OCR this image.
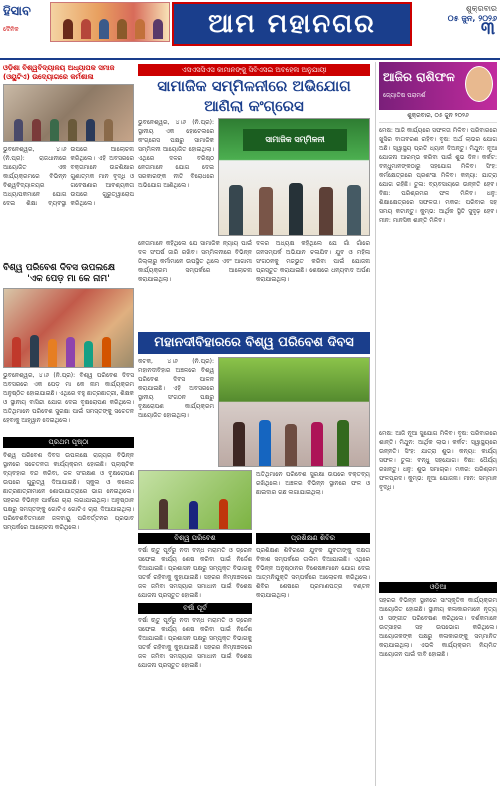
ହିସାବ
ଦୈନିକ	ଆମ ମହାନଗର
ଶୁକ୍ରବାର
୦୫ ଜୁନ, ୨୦୨୬
୩
ଓଡ଼ିଶା ବିଶ୍ୱବିଦ୍ୟାଳୟ ଅଧ୍ୟାପକ ସମାଜ (ଓୟୁଟିଏ) ଉଦ୍ୟୋଗରେ କର୍ମଶାଳା
ଭୁବନେଶ୍ୱର, ୪।୬ (ନି.ପ୍ର): ରାଜଧାନୀରେ ଆୟୋଜିତ ଏକ କାର୍ଯ୍ୟକ୍ରମରେ ବିଭିନ୍ନ ବିଶ୍ୱବିଦ୍ୟାଳୟର ଅଧ୍ୟାପକମାନେ ଯୋଗ ଦେଇ ଶିକ୍ଷା ବ୍ୟବସ୍ଥା ଉପରେ ଆଲୋଚନା କରିଥିଲେ। ଏହି ଅବସରରେ ବକ୍ତାମାନେ ଉଚ୍ଚଶିକ୍ଷାର ଗୁଣାତ୍ମକ ମାନ ବୃଦ୍ଧି ଓ ଗବେଷଣାର ଆବଶ୍ୟକତା ଉପରେ ଗୁରୁତ୍ୱାରୋପ କରିଥିଲେ।
ବିଶ୍ୱ ପରିବେଶ ଦିବସ ଉପଲକ୍ଷେ
'ଏକ ପେଡ଼ ମା କେ ନାମ'
ଭୁବନେଶ୍ୱର, ୪।୬ (ନି.ପ୍ର): ବିଶ୍ୱ ପରିବେଶ ଦିବସ ଅବସରରେ ଏକ ପେଡ଼ ମା କେ ନାମ କାର୍ଯ୍ୟକ୍ରମ ଅନୁଷ୍ଠିତ ହୋଇଯାଇଛି। ଏଥିରେ ବହୁ ଛାତ୍ରଛାତ୍ରୀ, ଶିକ୍ଷକ ଓ ସ୍ଥାନୀୟ ବାସିନ୍ଦା ଯୋଗ ଦେଇ ବୃକ୍ଷରୋପଣ କରିଥିଲେ। ଅତିଥିମାନେ ପରିବେଶ ସୁରକ୍ଷା ପାଇଁ ସମସ୍ତଙ୍କୁ ସଚେତନ ହେବାକୁ ଆହ୍ୱାନ ଦେଇଥିଲେ।
ପ୍ରଥମ ପୃଷ୍ଠା
ବିଶ୍ୱ ପରିବେଶ ଦିବସ ଉପଲକ୍ଷେ ରାଜ୍ୟର ବିଭିନ୍ନ ସ୍ଥାନରେ ସଚେତନତା କାର୍ଯ୍ୟକ୍ରମ ହୋଇଛି। ପ୍ଲାଷ୍ଟିକ ବ୍ୟବହାର ବନ୍ଦ କରିବା, ଜଳ ସଂରକ୍ଷଣ ଓ ବୃକ୍ଷରୋପଣ ଉପରେ ଗୁରୁତ୍ୱ ଦିଆଯାଇଛି। ସ୍କୁଲ ଓ କଲେଜ ଛାତ୍ରଛାତ୍ରୀମାନେ ଶୋଭାଯାତ୍ରାରେ ଭାଗ ନେଇଥିଲେ। ସହରର ବିଭିନ୍ନ ପାର୍କରେ ଚାରା ଲଗାଯାଇଥିଲା। ଅନୁଷ୍ଠାନ ପକ୍ଷରୁ ସମସ୍ତଙ୍କୁ ଗୋଟିଏ ଗୋଟିଏ ଚାରା ଦିଆଯାଇଥିଲା। ପରିବେଶବିତମାନେ ଜଳବାୟୁ ପରିବର୍ତ୍ତନର ପ୍ରଭାବ ସମ୍ପର୍କରେ ଆଲୋଚନା କରିଥିଲେ।
ଏସଏସସିଏସ କାମାନଙ୍କୁ ସିବିଏସଇ ଅବହେଳା ଅନୁଯାୟୀ
ସାମାଜିକ ସମ୍ମିଳନୀରେ ଅଭିଯୋଗ ଆଣିଲା କଂଗ୍ରେସ
ଭୁବନେଶ୍ୱର, ୪।୬ (ନି.ପ୍ର): ସ୍ଥାନୀୟ ଏକ ହୋଟେଲରେ କଂଗ୍ରେସ ପକ୍ଷରୁ ସାମାଜିକ ସମ୍ମିଳନୀ ଆୟୋଜିତ ହୋଇଥିଲା। ଏଥିରେ ଦଳର ବରିଷ୍ଠ ନେତାମାନେ ଯୋଗ ଦେଇ ସରକାରଙ୍କ ନୀତି ବିରୋଧରେ ଅଭିଯୋଗ ଆଣିଥିଲେ।
ସାମାଜିକ ସମ୍ମିଳନୀ
ନେତାମାନେ କହିଥିଲେ ଯେ ସାମାଜିକ ନ୍ୟାୟ ପାଇଁ ଦଳ ସଂଘର୍ଷ ଜାରି ରଖିବ। ସମ୍ମିଳନୀରେ ବିଭିନ୍ନ ଜିଲ୍ଲାରୁ କର୍ମୀମାନେ ଉପସ୍ଥିତ ଥିଲେ ଏବଂ ଆଗାମୀ କାର୍ଯ୍ୟକ୍ରମ ସମ୍ପର୍କରେ ଆଲୋଚନା କରାଯାଇଥିଲା।
ଦଳର ଅଧ୍ୟକ୍ଷ କହିଥିଲେ ଯେ ଗାଁ ଗାଁରେ ଜନସମ୍ପର୍କ ଅଭିଯାନ ଚଳାଯିବ। ଯୁବ ଓ ମହିଳା ସଂଗଠନକୁ ମଜଭୁତ କରିବା ପାଇଁ ଯୋଜନା ପ୍ରସ୍ତୁତ କରାଯାଇଛି। ଶେଷରେ ଧନ୍ୟବାଦ ଅର୍ପଣ କରାଯାଇଥିଲା।
ମହାନଦୀବିହାରରେ ବିଶ୍ୱ ପରିବେଶ ଦିବସ
କଟକ, ୪।୬ (ନି.ପ୍ର): ମହାନଦୀବିହାର ଅଞ୍ଚଳରେ ବିଶ୍ୱ ପରିବେଶ ଦିବସ ପାଳନ କରାଯାଇଛି। ଏହି ଅବସରରେ ସ୍ଥାନୀୟ ସଂଗଠନ ପକ୍ଷରୁ ବୃକ୍ଷରୋପଣ କାର୍ଯ୍ୟକ୍ରମ ଆୟୋଜିତ ହୋଇଥିଲା।
ଅତିଥିମାନେ ପରିବେଶ ସୁରକ୍ଷା ଉପରେ ବକ୍ତବ୍ୟ ରଖିଥିଲେ। ଅଞ୍ଚଳର ବିଭିନ୍ନ ସ୍ଥାନରେ ଫଳ ଓ ଛାଇଦାର ଗଛ ଲଗାଯାଇଥିଲା।
ବିଶ୍ୱ ପରିବେଶ
ବର୍ଷା ଋତୁ ପୂର୍ବରୁ ନଦୀ ବନ୍ଧ ମରାମତି ଓ ଡ୍ରେନ ସଫେଇ କାର୍ଯ୍ୟ ଶେଷ କରିବା ପାଇଁ ନିର୍ଦ୍ଦେଶ ଦିଆଯାଇଛି। ପ୍ରଶାସନ ପକ୍ଷରୁ ସମ୍ପୃକ୍ତ ବିଭାଗକୁ ସତର୍କ ରହିବାକୁ କୁହାଯାଇଛି। ସହରର ନିମ୍ନାଞ୍ଚଳରେ ଜଳ ଜମିବା ସମସ୍ୟାର ସମାଧାନ ପାଇଁ ବିଶେଷ ଯୋଜନା ପ୍ରସ୍ତୁତ ହୋଇଛି।
ବର୍ଷା ପୂର୍ବ
ବର୍ଷା ଋତୁ ପୂର୍ବରୁ ନଦୀ ବନ୍ଧ ମରାମତି ଓ ଡ୍ରେନ ସଫେଇ କାର୍ଯ୍ୟ ଶେଷ କରିବା ପାଇଁ ନିର୍ଦ୍ଦେଶ ଦିଆଯାଇଛି। ପ୍ରଶାସନ ପକ୍ଷରୁ ସମ୍ପୃକ୍ତ ବିଭାଗକୁ ସତର୍କ ରହିବାକୁ କୁହାଯାଇଛି। ସହରର ନିମ୍ନାଞ୍ଚଳରେ ଜଳ ଜମିବା ସମସ୍ୟାର ସମାଧାନ ପାଇଁ ବିଶେଷ ଯୋଜନା ପ୍ରସ୍ତୁତ ହୋଇଛି।
ପ୍ରଶିକ୍ଷଣ ଶିବିର
ପ୍ରଶିକ୍ଷଣ ଶିବିରରେ ଯୁବକ ଯୁବତୀଙ୍କୁ ଦକ୍ଷତା ବିକାଶ ସମ୍ପର୍କରେ ତାଲିମ ଦିଆଯାଇଛି। ଏଥିରେ ବିଭିନ୍ନ ଅନୁଷ୍ଠାନର ବିଶେଷଜ୍ଞମାନେ ଯୋଗ ଦେଇ ଆତ୍ମନିଯୁକ୍ତି ସମ୍ପର୍କରେ ଆଲୋଚନା କରିଥିଲେ। ଶିବିର ଶେଷରେ ପ୍ରମାଣପତ୍ର ବଣ୍ଟନ କରାଯାଇଥିଲା।
ଆଜିର ରାଶିଫଳ
ଜ୍ୟୋତିଷ ପରାମର୍ଶ
ଶୁକ୍ରବାର, ୦୫ ଜୁନ ୨୦୨୬
ମେଷ: ଆଜି କାର୍ଯ୍ୟରେ ସଫଳତା ମିଳିବ। ପରିବାରରେ ଖୁସିର ବାତାବରଣ ରହିବ। ବୃଷ: ଅର୍ଥ ଲାଭର ଯୋଗ ଅଛି। ସ୍ୱାସ୍ଥ୍ୟ ପ୍ରତି ଧ୍ୟାନ ଦିଅନ୍ତୁ। ମିଥୁନ: ନୂଆ ଯୋଜନା ଆରମ୍ଭ କରିବା ପାଇଁ ଶୁଭ ଦିନ। କର୍କଟ: ବନ୍ଧୁମାନଙ୍କଠାରୁ ସହଯୋଗ ମିଳିବ। ସିଂହ: କର୍ମକ୍ଷେତ୍ରରେ ପ୍ରଶଂସା ମିଳିବ। କନ୍ୟା: ଯାତ୍ରା ଯୋଗ ରହିଛି। ତୁଳା: ବ୍ୟବସାୟରେ ଉନ୍ନତି ହେବ। ବିଛା: ପରିଶ୍ରମର ଫଳ ମିଳିବ। ଧନୁ: ଶିକ୍ଷାକ୍ଷେତ୍ରରେ ସଫଳତା। ମକର: ପରିବାର ସହ ସମୟ କଟାନ୍ତୁ। କୁମ୍ଭ: ଆର୍ଥିକ ସ୍ଥିତି ସୁଦୃଢ଼ ହେବ। ମୀନ: ମାନସିକ ଶାନ୍ତି ମିଳିବ।
ମେଷ: ଆଜି ନୂଆ ସୁଯୋଗ ମିଳିବ। ବୃଷ: ପରିବାରରେ ଶାନ୍ତି। ମିଥୁନ: ଆର୍ଥିକ ଲାଭ। କର୍କଟ: ସ୍ୱାସ୍ଥ୍ୟରେ ଉନ୍ନତି। ସିଂହ: ଯାତ୍ରା ଶୁଭ। କନ୍ୟା: କାର୍ଯ୍ୟ ସଫଳ। ତୁଳା: ବନ୍ଧୁ ସହଯୋଗ। ବିଛା: ଧୈର୍ଯ୍ୟ ରଖନ୍ତୁ। ଧନୁ: ଶୁଭ ସମାଚାର। ମକର: ପରିଶ୍ରମ ଫଳପ୍ରଦ। କୁମ୍ଭ: ନୂଆ ଯୋଜନା। ମୀନ: ସମ୍ମାନ ବୃଦ୍ଧି।
ଓଡ଼ିଆ
ସହରର ବିଭିନ୍ନ ସ୍ଥାନରେ ସାଂସ୍କୃତିକ କାର୍ଯ୍ୟକ୍ରମ ଆୟୋଜିତ ହୋଇଛି। ସ୍ଥାନୀୟ କଳାକାରମାନେ ନୃତ୍ୟ ଓ ସଙ୍ଗୀତ ପରିବେଷଣ କରିଥିଲେ। ଦର୍ଶକମାନେ ଉତ୍ସାହର ସହ ଉପଭୋଗ କରିଥିଲେ। ଆୟୋଜକଙ୍କ ପକ୍ଷରୁ କଳାକାରଙ୍କୁ ସମ୍ମାନିତ କରାଯାଇଥିଲା। ଏଭଳି କାର୍ଯ୍ୟକ୍ରମ ନିୟମିତ ଆୟୋଜନ ପାଇଁ ଦାବି ହୋଇଛି।
